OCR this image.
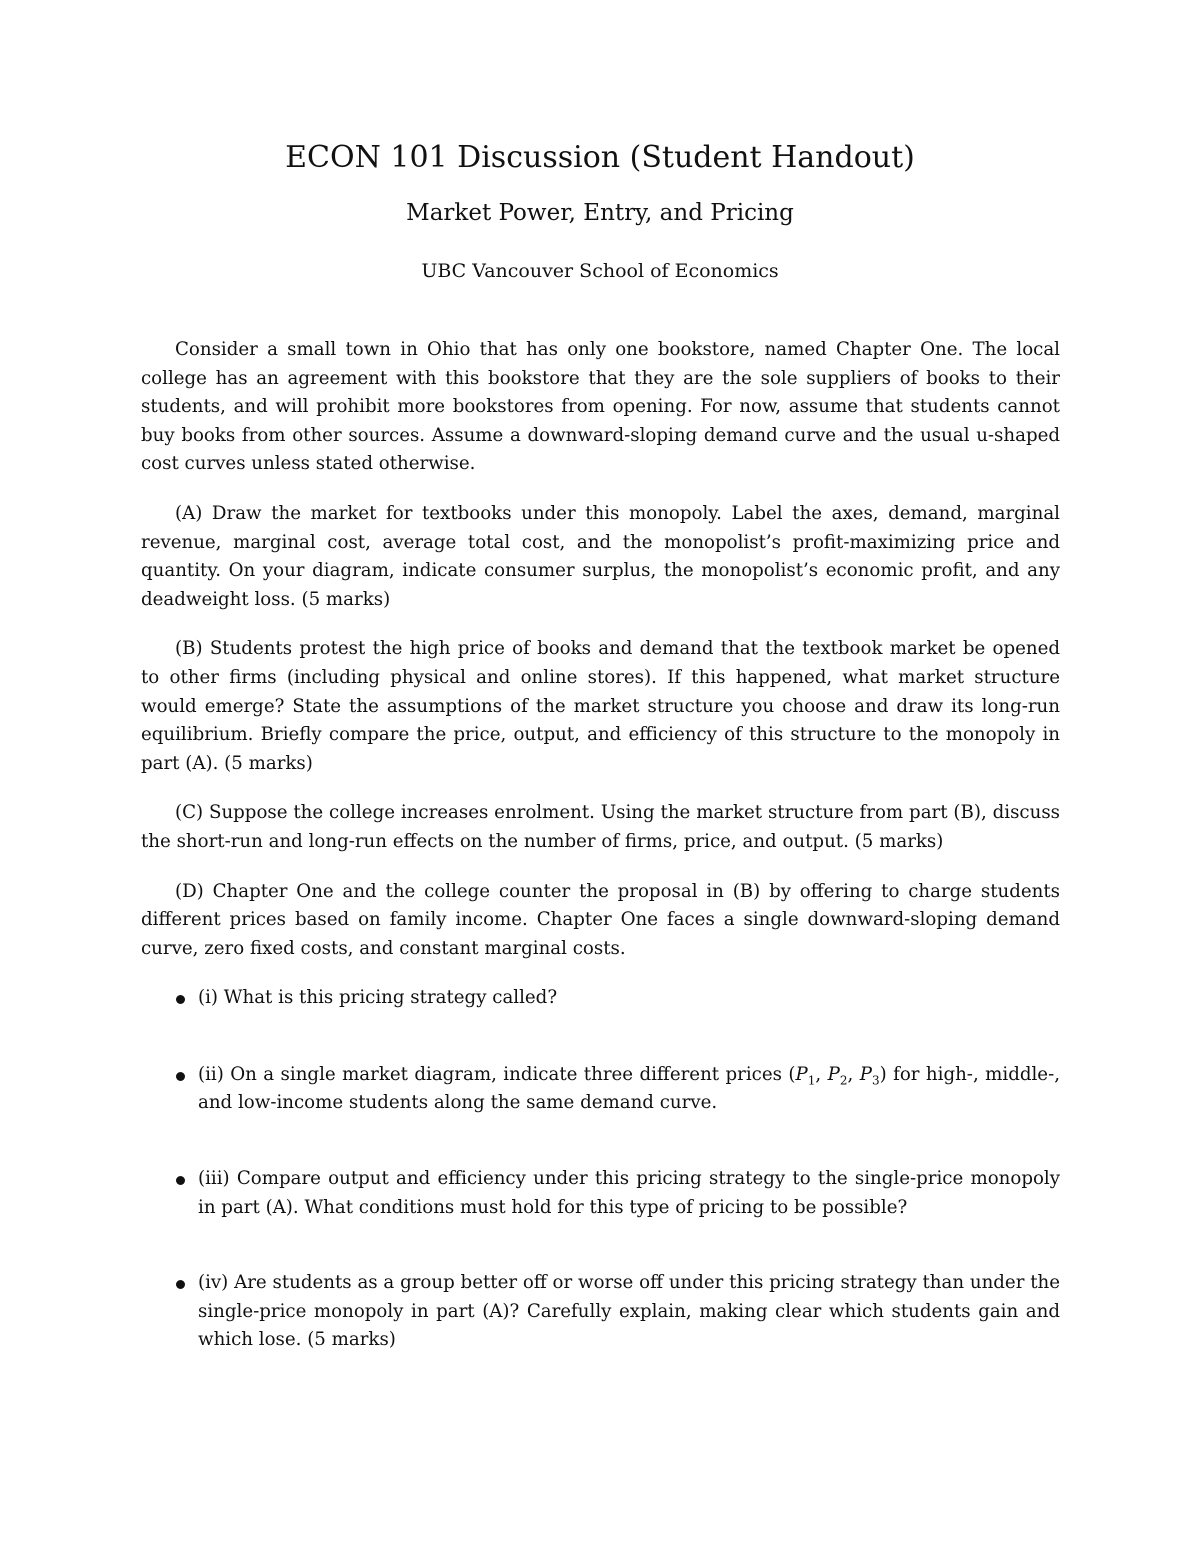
ECON 101 Discussion (Student Handout)
Market Power, Entry, and Pricing
UBC Vancouver School of Economics

Consider a small town in Ohio that has only one bookstore, named Chapter One. The local college has an agreement with this bookstore that they are the sole suppliers of books to their students, and will prohibit more bookstores from opening. For now, assume that students cannot buy books from other sources. Assume a downward-sloping demand curve and the usual u-shaped cost curves unless stated otherwise.

(A) Draw the market for textbooks under this monopoly. Label the axes, demand, marginal revenue, marginal cost, average total cost, and the monopolist’s profit-maximizing price and quantity. On your diagram, indicate consumer surplus, the monopolist’s economic profit, and any deadweight loss. (5 marks)

(B) Students protest the high price of books and demand that the textbook market be opened to other firms (including physical and online stores). If this happened, what market structure would emerge? State the assumptions of the market structure you choose and draw its long-run equilibrium. Briefly compare the price, output, and efficiency of this structure to the monopoly in part (A). (5 marks)

(C) Suppose the college increases enrolment. Using the market structure from part (B), discuss the short-run and long-run effects on the number of firms, price, and output. (5 marks)

(D) Chapter One and the college counter the proposal in (B) by offering to charge students different prices based on family income. Chapter One faces a single downward-sloping demand curve, zero fixed costs, and constant marginal costs.

(i) What is this pricing strategy called?
(ii) On a single market diagram, indicate three different prices ($P_1$, $P_2$, $P_3$) for high-, middle-, and low-income students along the same demand curve.
(iii) Compare output and efficiency under this pricing strategy to the single-price monopoly in part (A). What conditions must hold for this type of pricing to be possible?
(iv) Are students as a group better off or worse off under this pricing strategy than under the single-price monopoly in part (A)? Carefully explain, making clear which students gain and which lose. (5 marks)
